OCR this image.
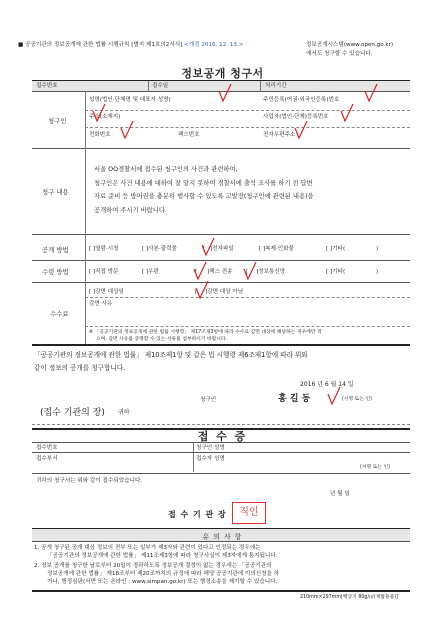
■ 공공기관의 정보공개에 관한 법률 시행규칙 [별지 제1호의2서식] <개정 2016. 12. 13.>	정보공개시스템(www.open.go.kr)
에서도 청구할 수 있습니다.
정보공개 청구서
접수번호	접수일	처리기간
청구인
성명(법인·단체명 및 대표자 성명)	주민등록(여권·외국인등록)번호
주소(소재지)	사업자(법인·단체)등록번호
전화번호	팩스번호	전자우편주소
청구 내용
서울 OO경찰서에 접수된 청구인의 사건과 관련하여,
청구인은 사건 내용에 대하여 잘 알지 못하여 경찰서에 출석 조사를 하기 전 답변
자료 준비 등 방어권을 충분히 행사할 수 있도록 고발장(청구인에 관련된 내용)을
공개하여 주시기 바랍니다.
공개 방법	[ ]열람·시청	[ ]사본·출력물	[ ]전자파일	[ ]복제·인화물	[ ]기타(	)
수령 방법	[ ]직접 방문	[ ]우편	[ ]팩스 전송 [ ]정보통신망	[ ]기타(	)
수수료
[ ]감면 대상임	[ ]감면 대상 아님
감면 사유
※ 「공공기관의 정보공개에 관한 법률 시행령」 제17조제3항에 따라 수수료 감면 대상에 해당하는 경우에만 적
으며, 감면 사유를 증명할 수 있는 서류를 첨부하시기 바랍니다.
「공공기관의 정보공개에 관한 법률」 제10조제1항 및 같은 법 시행령 제6조제1항에 따라 위와
같이 정보의 공개를 청구합니다.
2016 년 6 월 14 일
청구인	홍 길 동	(서명 또는 인)
(접수 기관의 장) 귀하
접 수 증
접수번호	청구인 성명
접수부서	접수자 성명
(서명 또는 인)
귀하의 청구서는 위와 같이 접수되었습니다.
년 월 일
접 수 기 관 장	직인
유 의 사 항
1. 공개 청구된 공개 대상 정보의 전부 또는 일부가 제3자와 관련이 있다고 인정되는 경우에는
「공공기관의 정보공개에 관한 법률」 제11조제3항에 따라 청구사실이 제3자에게 통지됩니다.
2. 정보 공개를 청구한 날로부터 20일이 경과하도록 정보공개 결정이 없는 경우에는 「공공기관의
정보공개에 관한 법률」 제18조부터 제20조까지의 규정에 따라 해당 공공기관에 이의신청을 하
거나, 행정심판(서면 또는 온라인 : www.simpan.go.kr) 또는 행정소송을 제기할 수 있습니다.
210mm×297mm[백상지 80g/㎡(재활용품)]
